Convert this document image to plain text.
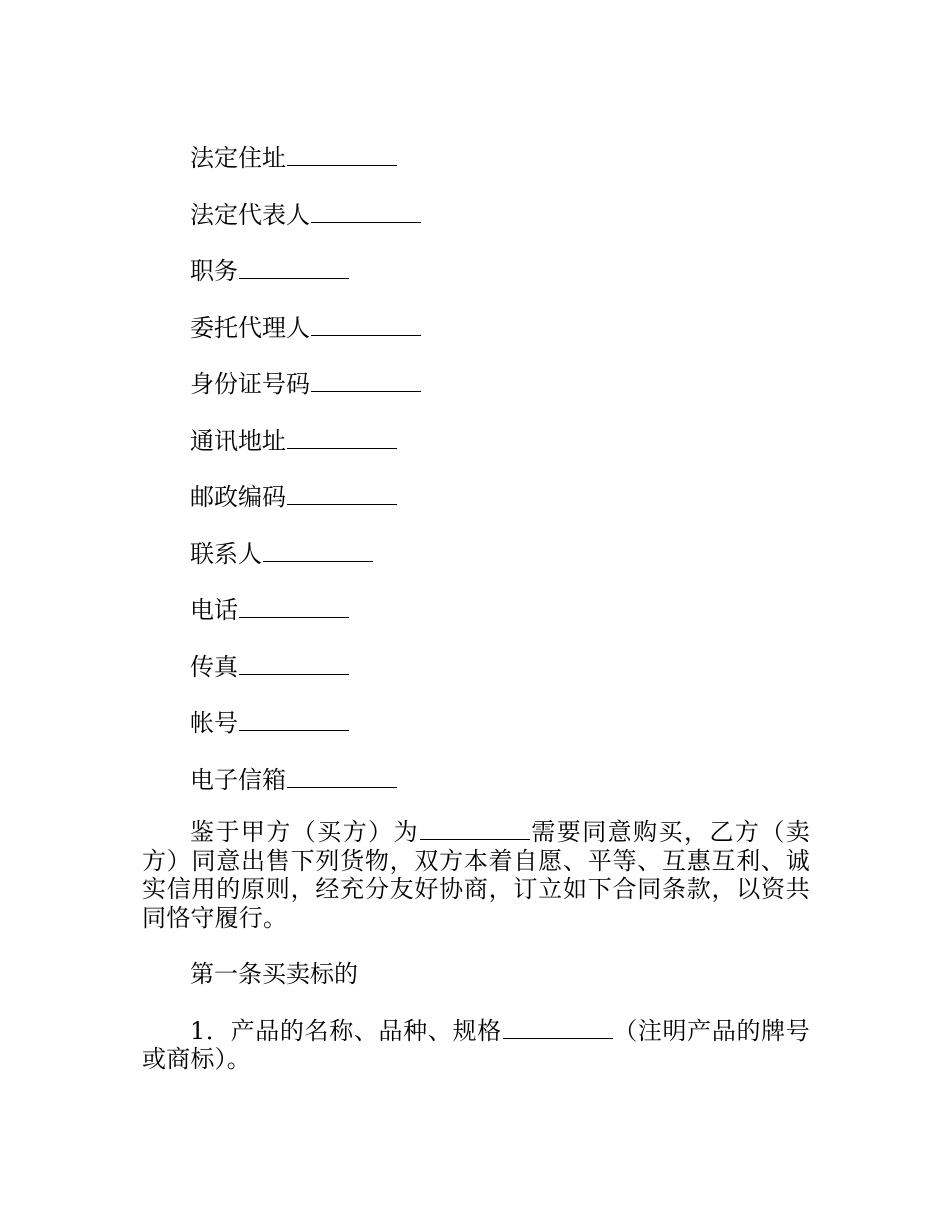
法定住址
法定代表人
职务
委托代理人
身份证号码
通讯地址
邮政编码
联系人
电话
传真
帐号
电子信箱

鉴于甲方（买方）为	需要同意购买，乙方（卖方）同意出售下列货物，双方本着自愿、平等、互惠互利、诚实信用的原则，经充分友好协商，订立如下合同条款，以资共同恪守履行。

第一条买卖标的

1．产品的名称、品种、规格	（注明产品的牌号或商标）。
